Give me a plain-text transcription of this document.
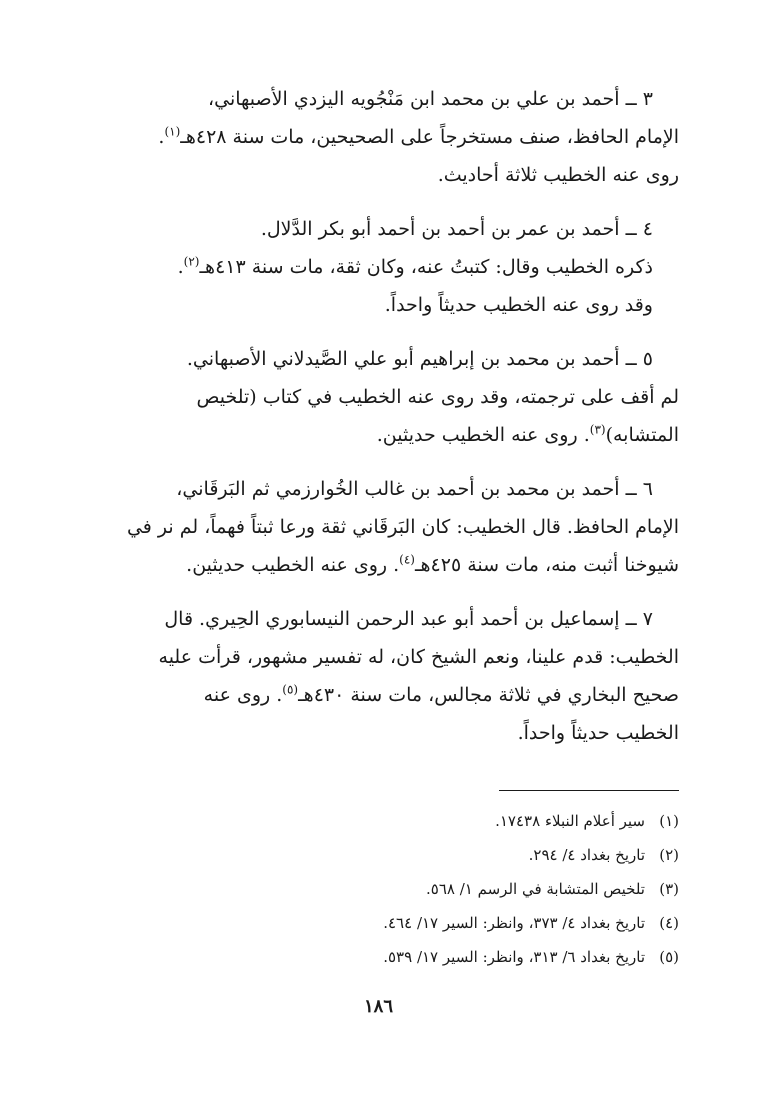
٣ ــ أحمد بن علي بن محمد ابن مَنْجُويه اليزدي الأصبهاني،
الإمام الحافظ، صنف مستخرجاً على الصحيحين، مات سنة ٤٢٨هـ$^{(١)}$.
روى عنه الخطيب ثلاثة أحاديث.
٤ ــ أحمد بن عمر بن أحمد بن أحمد أبو بكر الدَّلال.
ذكره الخطيب وقال: كتبتُ عنه، وكان ثقة، مات سنة ٤١٣هـ$^{(٢)}$.
وقد روى عنه الخطيب حديثاً واحداً.
٥ ــ أحمد بن محمد بن إبراهيم أبو علي الصَّيدلاني الأصبهاني.
لم أقف على ترجمته، وقد روى عنه الخطيب في كتاب (تلخيص
المتشابه)$^{(٣)}$. روى عنه الخطيب حديثين.
٦ ــ أحمد بن محمد بن أحمد بن غالب الخُوارزمي ثم البَرقَاني،
الإمام الحافظ. قال الخطيب: كان البَرقَاني ثقة ورعا ثبتاً فهماً، لم نر في
شيوخنا أثبت منه، مات سنة ٤٢٥هـ$^{(٤)}$. روى عنه الخطيب حديثين.
٧ ــ إسماعيل بن أحمد أبو عبد الرحمن النيسابوري الحِيري. قال
الخطيب: قدم علينا، ونعم الشيخ كان، له تفسير مشهور، قرأت عليه
صحيح البخاري في ثلاثة مجالس، مات سنة ٤٣٠هـ$^{(٥)}$. روى عنه
الخطيب حديثاً واحداً.
(١)سير أعلام النبلاء ١٧٤٣٨.
(٢)تاريخ بغداد ٤/ ٢٩٤.
(٣)تلخيص المتشابة في الرسم ١/ ٥٦٨.
(٤)تاريخ بغداد ٤/ ٣٧٣، وانظر: السير ١٧/ ٤٦٤.
(٥)تاريخ بغداد ٦/ ٣١٣، وانظر: السير ١٧/ ٥٣٩.
١٨٦
